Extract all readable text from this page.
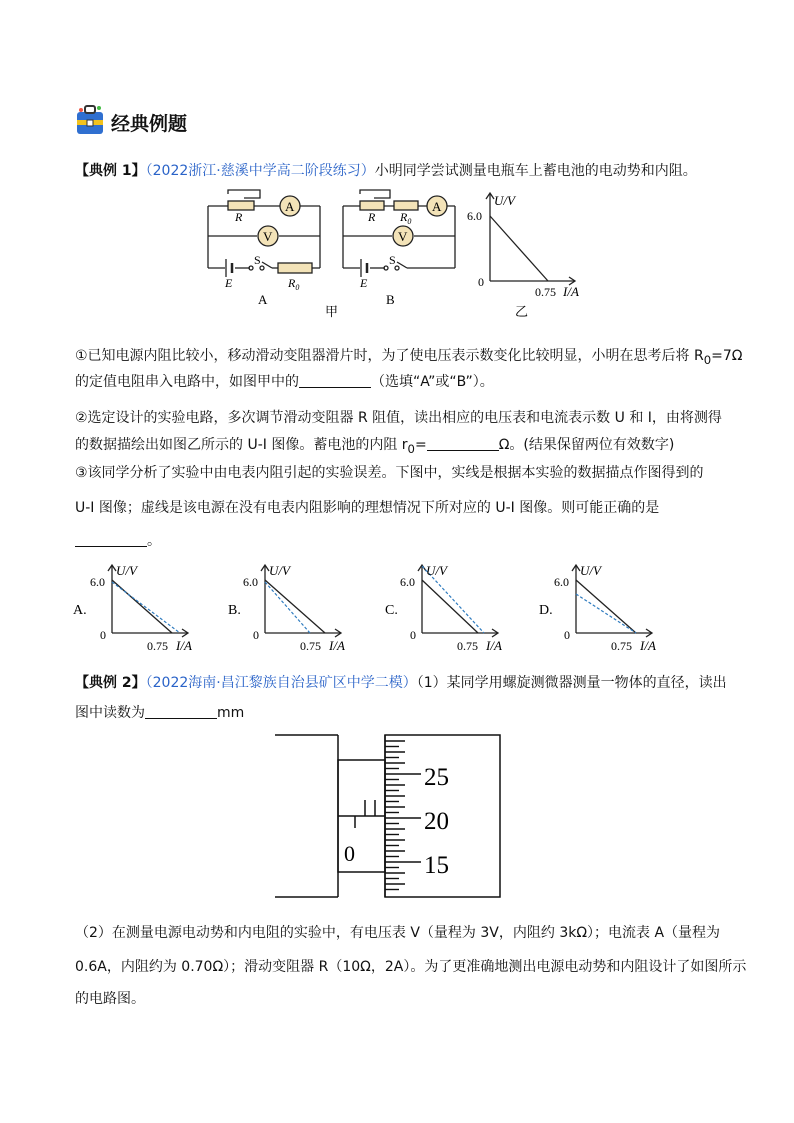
经典例题
【典例 1】（2022浙江·慈溪中学高二阶段练习）小明同学尝试测量电瓶车上蓄电池的电动势和内阻。
A
V
R
E
S
$R_0$
A
A
V
R $R_0$
E
S
B
甲
U/V
6.0
0
0.75 I/A
乙
①已知电源内阻比较小，移动滑动变阻器滑片时，为了使电压表示数变化比较明显，小明在思考后将 $R_0=7\Omega$
的定值电阻串入电路中，如图甲中的	（选填“A”或“B”）。
②选定设计的实验电路，多次调节滑动变阻器 R 阻值，读出相应的电压表和电流表示数 U 和 I，由将测得
的数据描绘出如图乙所示的 U-I 图像。蓄电池的内阻 $r_0=$	Ω。(结果保留两位有效数字)
③该同学分析了实验中由电表内阻引起的实验误差。下图中，实线是根据本实验的数据描点作图得到的
U-I 图像；虚线是该电源在没有电表内阻影响的理想情况下所对应的 U-I 图像。则可能正确的是
。
A.
U/V
6.0
0
0.75 I/A
B.
U/V
6.0
0
0.75 I/A
C.
U/V
6.0
0
0.75 I/A
D.
U/V
6.0
0
0.75 I/A
【典例 2】（2022海南·昌江黎族自治县矿区中学二模）（1）某同学用螺旋测微器测量一物体的直径，读出
图中读数为	mm
25
20
15
0
（2）在测量电源电动势和内电阻的实验中，有电压表 V（量程为 3V，内阻约 3kΩ）；电流表 A（量程为
0.6A，内阻约为 0.70Ω）；滑动变阻器 R（10Ω，2A）。为了更准确地测出电源电动势和内阻设计了如图所示
的电路图。
